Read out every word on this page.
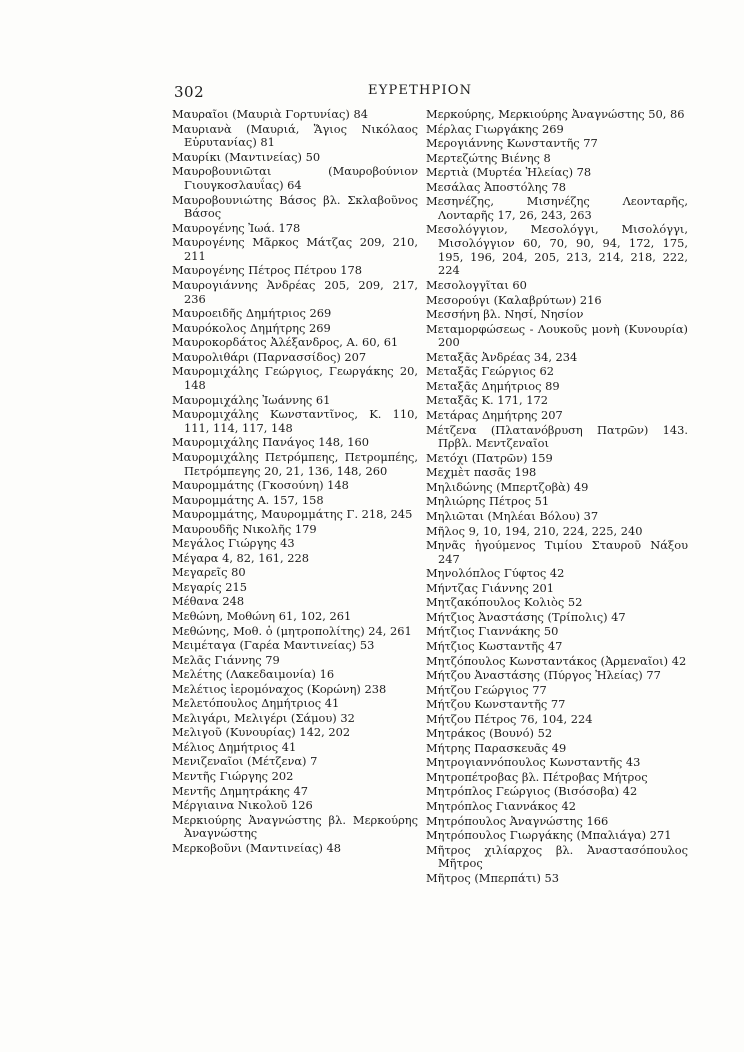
302	ΕΥΡΕΤΗΡΙΟΝ

Μαυραῖοι (Μαυριὰ Γορτυνίας) 84

Μαυριανὰ (Μαυριά, Ἅγιος Νικόλαος Εὐρυτανίας) 81

Μαυρίκι (Μαντινείας) 50

Μαυροβουνιῶται (Μαυροβούνιον Γιουγκοσλαυΐας) 64

Μαυροβουνιώτης Βάσος βλ. Σκλαβοῦνος Βάσος

Μαυρογένης Ἰωά. 178

Μαυρογένης Μᾶρκος Μάτζας 209, 210, 211

Μαυρογένης Πέτρος Πέτρου 178

Μαυρογιάννης Ἀνδρέας 205, 209, 217, 236

Μαυροειδῆς Δημήτριος 269

Μαυρόκολος Δημήτρης 269

Μαυροκορδάτος Ἀλέξανδρος, Α. 60, 61

Μαυρολιθάρι (Παρνασσίδος) 207

Μαυρομιχάλης Γεώργιος, Γεωργάκης 20, 148

Μαυρομιχάλης Ἰωάννης 61

Μαυρομιχάλης Κωνσταντῖνος, Κ. 110, 111, 114, 117, 148

Μαυρομιχάλης Πανάγος 148, 160

Μαυρομιχάλης Πετρόμπεης, Πετρομπέης, Πετρόμπεγης 20, 21, 136, 148, 260

Μαυρομμάτης (Γκοσούνη) 148

Μαυρομμάτης Α. 157, 158

Μαυρομμάτης, Μαυρομμάτης Γ. 218, 245

Μαυρουδῆς Νικολῆς 179

Μεγάλος Γιώργης 43

Μέγαρα 4, 82, 161, 228

Μεγαρεῖς 80

Μεγαρίς 215

Μέθανα 248

Μεθώνη, Μοθώνη 61, 102, 261

Μεθώνης, Μοθ. ὁ (μητροπολίτης) 24, 261

Μειμέταγα (Γαρέα Μαντινείας) 53

Μελᾶς Γιάννης 79

Μελέτης (Λακεδαιμονία) 16

Μελέτιος ἱερομόναχος (Κορώνη) 238

Μελετόπουλος Δημήτριος 41

Μελιγάρι, Μελιγέρι (Σάμου) 32

Μελιγοῦ (Κυνουρίας) 142, 202

Μέλιος Δημήτριος 41

Μενιζεναῖοι (Μέτζενα) 7

Μεντῆς Γιώργης 202

Μεντῆς Δημητράκης 47

Μέργιαινα Νικολοῦ 126

Μερκιούρης Ἀναγνώστης βλ. Μερκούρης Ἀναγνώστης

Μερκοβοῦνι (Μαντινείας) 48

Μερκούρης, Μερκιούρης Ἀναγνώστης 50, 86

Μέρλας Γιωργάκης 269

Μερογιάννης Κωνσταντῆς 77

Μερτεζώτης Βιένης 8

Μερτιὰ (Μυρτέα Ἠλείας) 78

Μεσάλας Ἀποστόλης 78

Μεσηνέζης, Μισηνέζης Λεονταρῆς, Λονταρῆς 17, 26, 243, 263

Μεσολόγγιον, Μεσολόγγι, Μισολόγγι, Μισολόγγιον 60, 70, 90, 94, 172, 175, 195, 196, 204, 205, 213, 214, 218, 222, 224

Μεσολογγῖται 60

Μεσορούγι (Καλαβρύτων) 216

Μεσσήνη βλ. Νησί, Νησίον

Μεταμορφώσεως - Λουκοῦς μονὴ (Κυνουρία) 200

Μεταξᾶς Ἀνδρέας 34, 234

Μεταξᾶς Γεώργιος 62

Μεταξᾶς Δημήτριος 89

Μεταξᾶς Κ. 171, 172

Μετάρας Δημήτρης 207

Μέτζενα (Πλατανόβρυση Πατρῶν) 143. Πρβλ. Μεντζεναῖοι

Μετόχι (Πατρῶν) 159

Μεχμὲτ πασᾶς 198

Μηλιδώνης (Μπερτζοβὰ) 49

Μηλιώρης Πέτρος 51

Μηλιῶται (Μηλέαι Βόλου) 37

Μῆλος 9, 10, 194, 210, 224, 225, 240

Μηνᾶς ἡγούμενος Τιμίου Σταυροῦ Νάξου 247

Μηνολόπλος Γύφτος 42

Μήντζας Γιάννης 201

Μητζακόπουλος Κολιὸς 52

Μήτζιος Ἀναστάσης (Τρίπολις) 47

Μήτζιος Γιαννάκης 50

Μήτζιος Κωσταντῆς 47

Μητζόπουλος Κωνσταντάκος (Ἀρμεναῖοι) 42

Μήτζου Ἀναστάσης (Πύργος Ἠλείας) 77

Μήτζου Γεώργιος 77

Μήτζου Κωνσταντῆς 77

Μήτζου Πέτρος 76, 104, 224

Μητράκος (Βουνό) 52

Μήτρης Παρασκευᾶς 49

Μητρογιαννόπουλος Κωνσταντῆς 43

Μητροπέτροβας βλ. Πέτροβας Μήτρος

Μητρόπλος Γεώργιος (Βισόσοβα) 42

Μητρόπλος Γιαννάκος 42

Μητρόπουλος Ἀναγνώστης 166

Μητρόπουλος Γιωργάκης (Μπαλιάγα) 271

Μῆτρος χιλίαρχος βλ. Ἀναστασόπουλος Μῆτρος

Μῆτρος (Μπερπάτι) 53
